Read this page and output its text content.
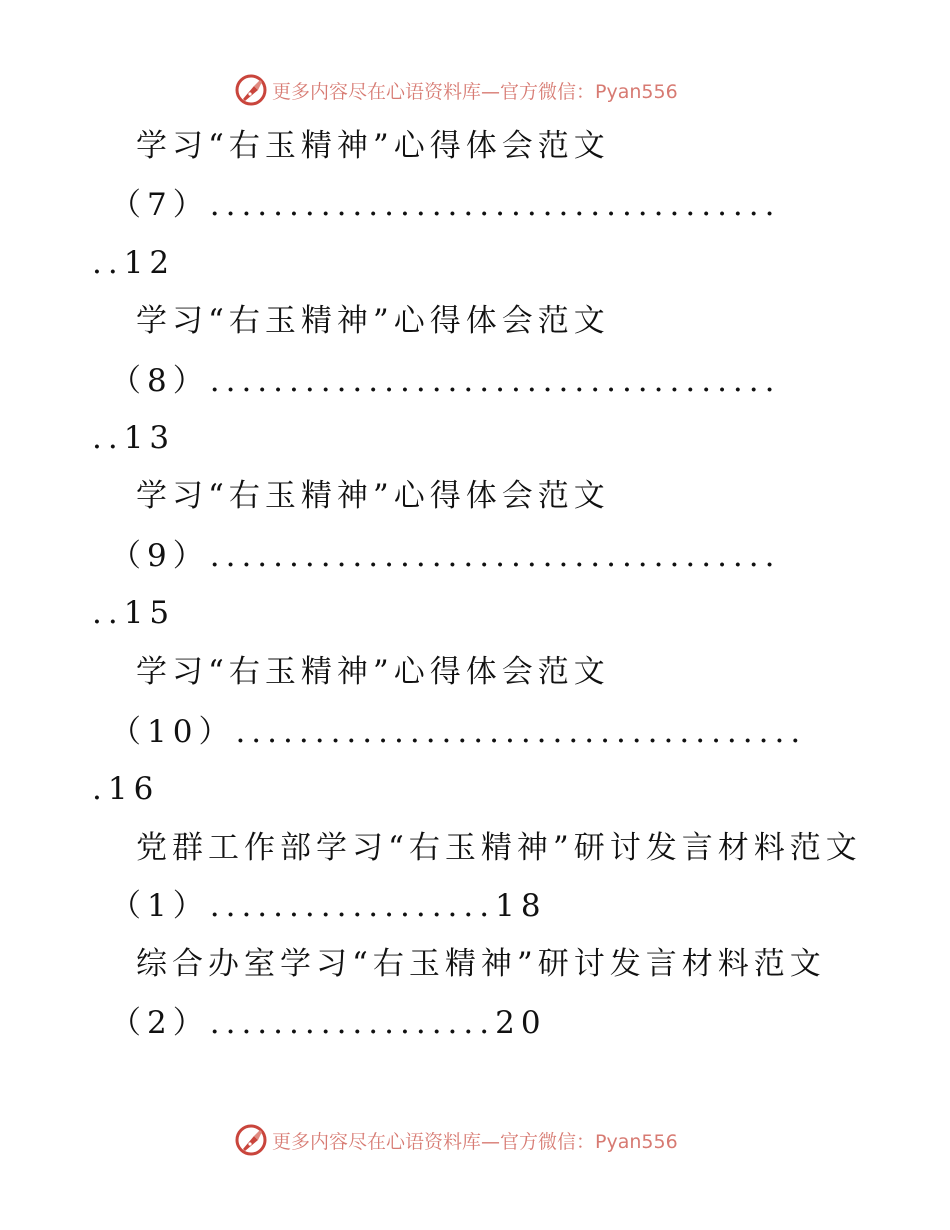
更多内容尽在心语资料库—官方微信：Pyan556
学习“右玉精神”心得体会范文
（7）....................................
..12
学习“右玉精神”心得体会范文
（8）....................................
..13
学习“右玉精神”心得体会范文
（9）....................................
..15
学习“右玉精神”心得体会范文
（10）....................................
.16
党群工作部学习“右玉精神”研讨发言材料范文
（1）..................18
综合办室学习“右玉精神”研讨发言材料范文
（2）..................20
更多内容尽在心语资料库—官方微信：Pyan556
